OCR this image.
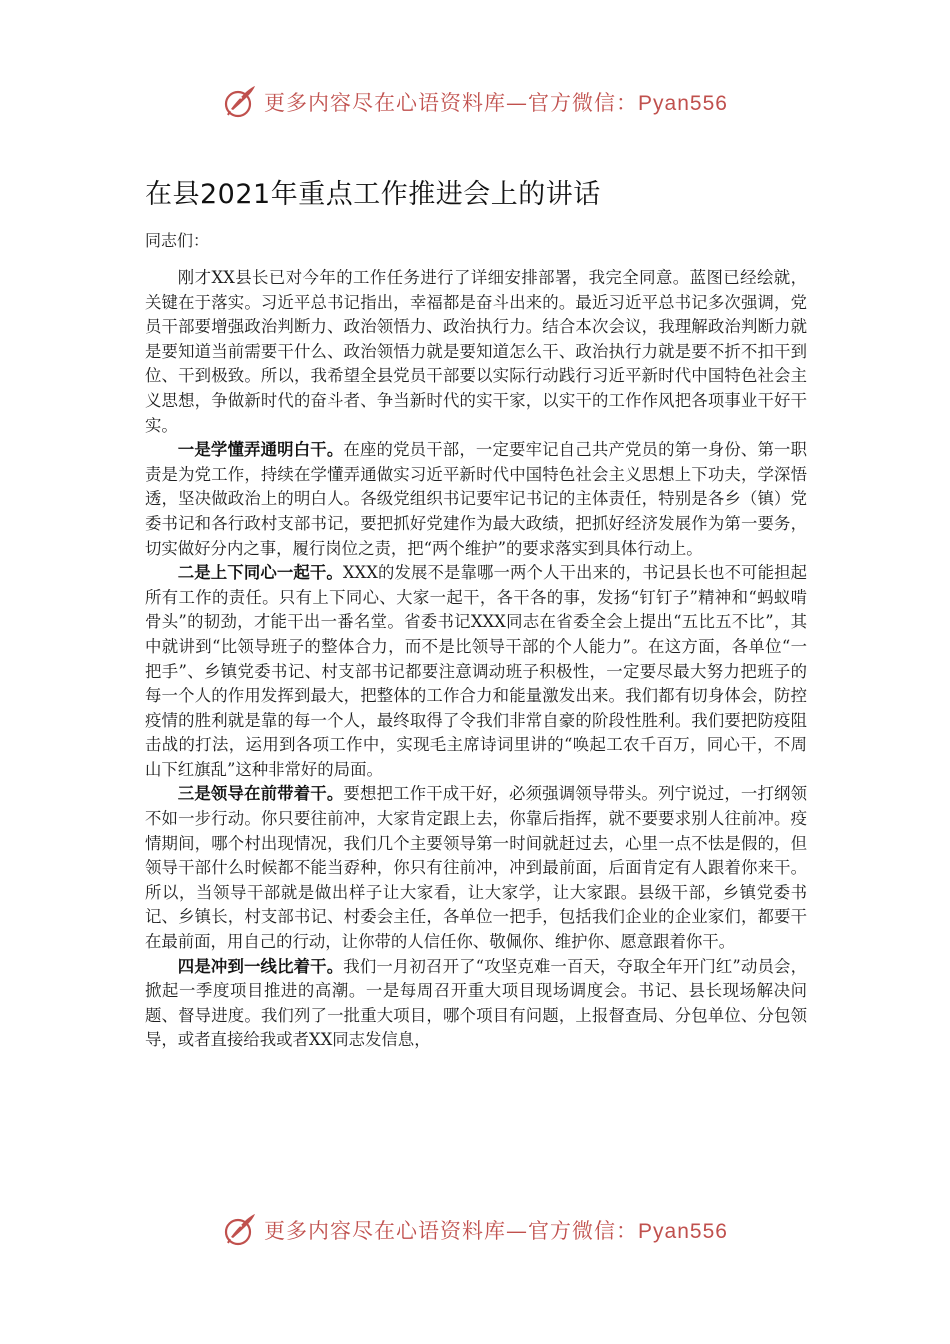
更多内容尽在心语资料库—官方微信：Pyan556
在县2021年重点工作推进会上的讲话
同志们：

刚才XX县长已对今年的工作任务进行了详细安排部署，我完全同意。蓝图已经绘就，关键在于落实。习近平总书记指出，幸福都是奋斗出来的。最近习近平总书记多次强调，党员干部要增强政治判断力、政治领悟力、政治执行力。结合本次会议，我理解政治判断力就是要知道当前需要干什么、政治领悟力就是要知道怎么干、政治执行力就是要不折不扣干到位、干到极致。所以，我希望全县党员干部要以实际行动践行习近平新时代中国特色社会主义思想，争做新时代的奋斗者、争当新时代的实干家，以实干的工作作风把各项事业干好干实。

一是学懂弄通明白干。在座的党员干部，一定要牢记自己共产党员的第一身份、第一职责是为党工作，持续在学懂弄通做实习近平新时代中国特色社会主义思想上下功夫，学深悟透，坚决做政治上的明白人。各级党组织书记要牢记书记的主体责任，特别是各乡（镇）党委书记和各行政村支部书记，要把抓好党建作为最大政绩，把抓好经济发展作为第一要务，切实做好分内之事，履行岗位之责，把“两个维护”的要求落实到具体行动上。

二是上下同心一起干。XXX的发展不是靠哪一两个人干出来的，书记县长也不可能担起所有工作的责任。只有上下同心、大家一起干，各干各的事，发扬“钉钉子”精神和“蚂蚁啃骨头”的韧劲，才能干出一番名堂。省委书记XXX同志在省委全会上提出“五比五不比”，其中就讲到“比领导班子的整体合力，而不是比领导干部的个人能力”。在这方面，各单位“一把手”、乡镇党委书记、村支部书记都要注意调动班子积极性，一定要尽最大努力把班子的每一个人的作用发挥到最大，把整体的工作合力和能量激发出来。我们都有切身体会，防控疫情的胜利就是靠的每一个人，最终取得了令我们非常自豪的阶段性胜利。我们要把防疫阻击战的打法，运用到各项工作中，实现毛主席诗词里讲的“唤起工农千百万，同心干，不周山下红旗乱”这种非常好的局面。

三是领导在前带着干。要想把工作干成干好，必须强调领导带头。列宁说过，一打纲领不如一步行动。你只要往前冲，大家肯定跟上去，你靠后指挥，就不要要求别人往前冲。疫情期间，哪个村出现情况，我们几个主要领导第一时间就赶过去，心里一点不怯是假的，但领导干部什么时候都不能当孬种，你只有往前冲，冲到最前面，后面肯定有人跟着你来干。所以，当领导干部就是做出样子让大家看，让大家学，让大家跟。县级干部，乡镇党委书记、乡镇长，村支部书记、村委会主任，各单位一把手，包括我们企业的企业家们，都要干在最前面，用自己的行动，让你带的人信任你、敬佩你、维护你、愿意跟着你干。

四是冲到一线比着干。我们一月初召开了“攻坚克难一百天，夺取全年开门红”动员会，掀起一季度项目推进的高潮。一是每周召开重大项目现场调度会。书记、县长现场解决问题、督导进度。我们列了一批重大项目，哪个项目有问题，上报督查局、分包单位、分包领导，或者直接给我或者XX同志发信息，

更多内容尽在心语资料库—官方微信：Pyan556
